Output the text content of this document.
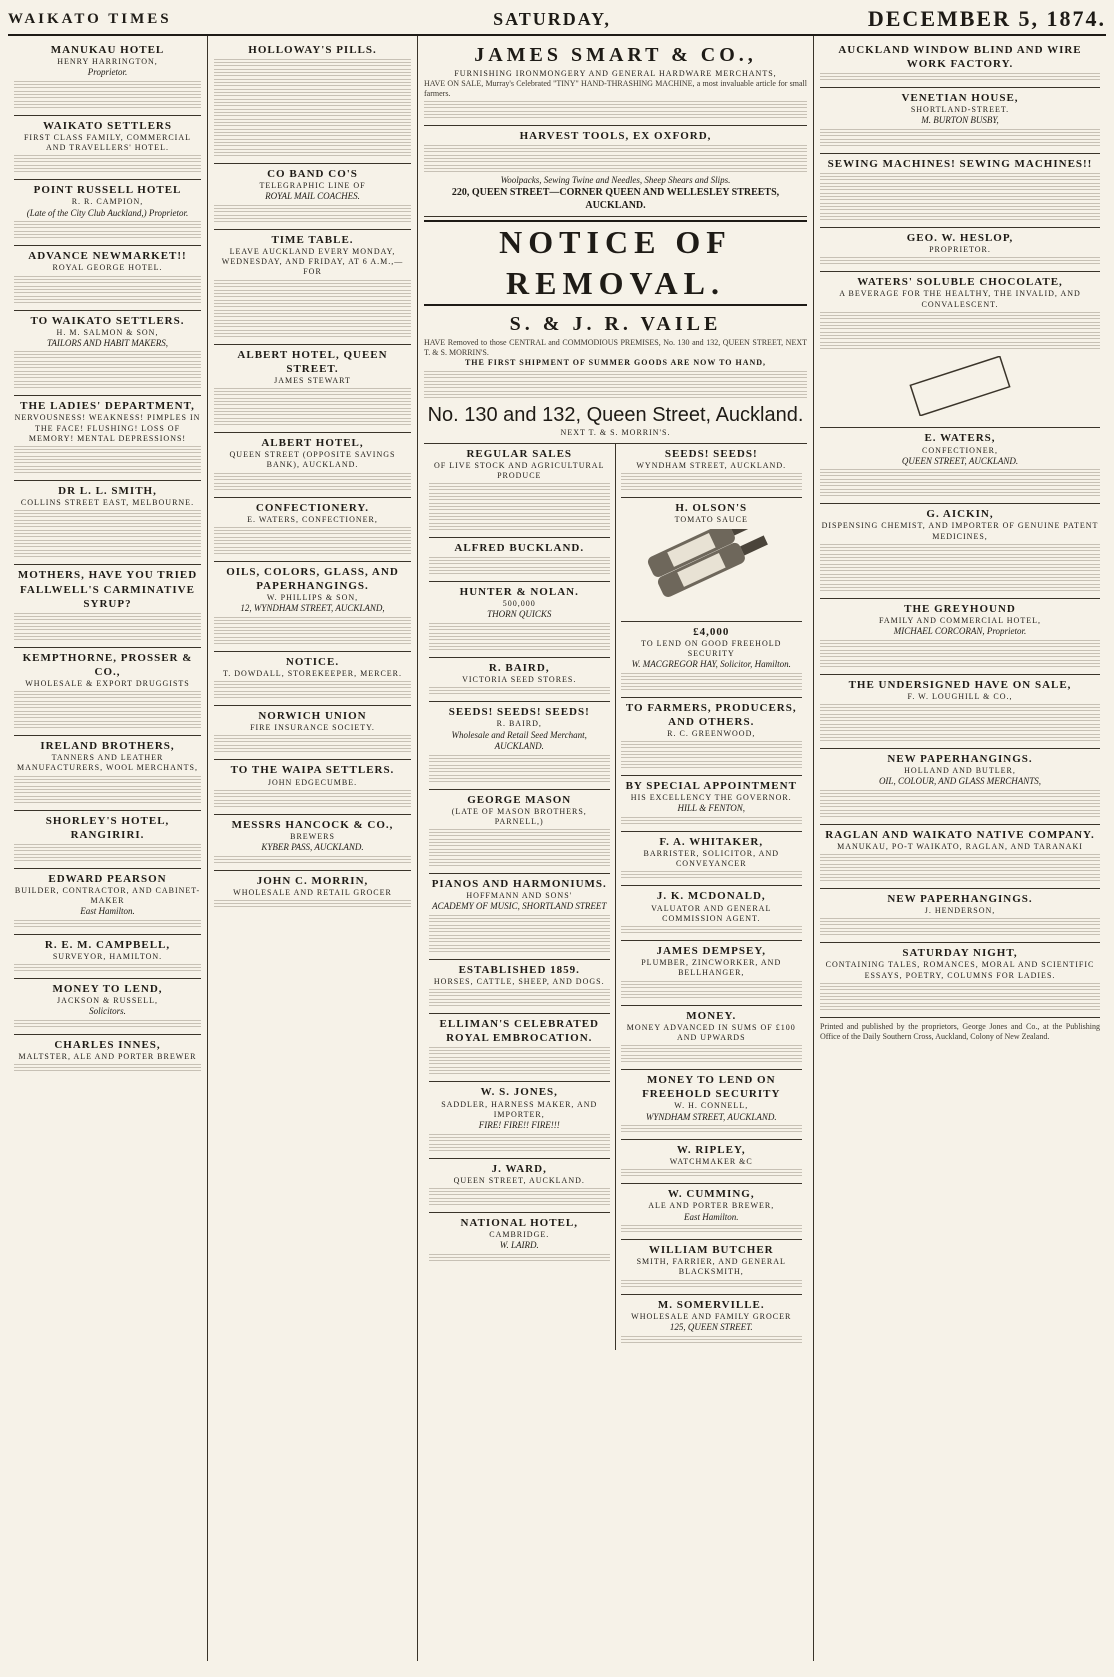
WAIKATO TIMES	SATURDAY,	DECEMBER 5, 1874.
MANUKAU HOTEL
HENRY HARRINGTON,
Proprietor.
WAIKATO SETTLERS
FIRST CLASS FAMILY, COMMERCIAL AND TRAVELLERS' HOTEL.
POINT RUSSELL HOTEL
R. R. CAMPION,
(Late of the City Club Auckland,) Proprietor.
ADVANCE NEWMARKET!!
ROYAL GEORGE HOTEL.
TO WAIKATO SETTLERS.
H. M. SALMON & SON,
TAILORS AND HABIT MAKERS,
THE LADIES' DEPARTMENT,
NERVOUSNESS! WEAKNESS! PIMPLES IN THE FACE! FLUSHING! LOSS OF MEMORY! MENTAL DEPRESSIONS!
DR L. L. SMITH,
COLLINS STREET EAST, MELBOURNE.
MOTHERS, HAVE YOU TRIED FALLWELL'S CARMINATIVE SYRUP?
KEMPTHORNE, PROSSER & CO.,
WHOLESALE & EXPORT DRUGGISTS
IRELAND BROTHERS,
TANNERS AND LEATHER MANUFACTURERS, WOOL MERCHANTS,
SHORLEY'S HOTEL, RANGIRIRI.
EDWARD PEARSON
BUILDER, CONTRACTOR, AND CABINET-MAKER
East Hamilton.
R. E. M. CAMPBELL,
SURVEYOR, HAMILTON.
MONEY TO LEND,
JACKSON & RUSSELL,
Solicitors.
CHARLES INNES,
MALTSTER, ALE AND PORTER BREWER
HOLLOWAY'S PILLS.
CO BAND CO'S
TELEGRAPHIC LINE OF
ROYAL MAIL COACHES.
TIME TABLE.
LEAVE AUCKLAND EVERY MONDAY, WEDNESDAY, AND FRIDAY, AT 6 A.M.,—FOR
ALBERT HOTEL, QUEEN STREET.
JAMES STEWART
ALBERT HOTEL,
QUEEN STREET (OPPOSITE SAVINGS BANK), AUCKLAND.
CONFECTIONERY.
E. WATERS, CONFECTIONER,
OILS, COLORS, GLASS, AND PAPERHANGINGS.
W. PHILLIPS & SON,
12, WYNDHAM STREET, AUCKLAND,
NOTICE.
T. DOWDALL, STOREKEEPER, MERCER.
NORWICH UNION
FIRE INSURANCE SOCIETY.
TO THE WAIPA SETTLERS.
JOHN EDGECUMBE.
MESSRS HANCOCK & CO.,
BREWERS
KYBER PASS, AUCKLAND.
JOHN C. MORRIN,
WHOLESALE AND RETAIL GROCER
JAMES SMART & CO.,
FURNISHING IRONMONGERY AND GENERAL HARDWARE MERCHANTS,
HAVE ON SALE, Murray's Celebrated "TINY" HAND-THRASHING MACHINE, a most invaluable article for small farmers.
HARVEST TOOLS, EX OXFORD,
Woolpacks, Sewing Twine and Needles, Sheep Shears and Slips.
220, QUEEN STREET—CORNER QUEEN AND WELLESLEY STREETS, AUCKLAND.
NOTICE OF REMOVAL.
S. & J. R. VAILE
HAVE Removed to those CENTRAL and COMMODIOUS PREMISES, No. 130 and 132, QUEEN STREET, NEXT T. & S. MORRIN'S.
THE FIRST SHIPMENT OF SUMMER GOODS ARE NOW TO HAND,
No. 130 and 132, Queen Street, Auckland.
NEXT T. & S. MORRIN'S.
REGULAR SALES
OF LIVE STOCK AND AGRICULTURAL PRODUCE
ALFRED BUCKLAND.
HUNTER & NOLAN.
500,000
THORN QUICKS
R. BAIRD,
VICTORIA SEED STORES.
SEEDS! SEEDS! SEEDS!
R. BAIRD,
Wholesale and Retail Seed Merchant, AUCKLAND.
GEORGE MASON
(LATE OF MASON BROTHERS, PARNELL,)
PIANOS AND HARMONIUMS.
HOFFMANN AND SONS'
ACADEMY OF MUSIC, SHORTLAND STREET
ESTABLISHED 1859.
HORSES, CATTLE, SHEEP, AND DOGS.
ELLIMAN'S CELEBRATED ROYAL EMBROCATION.
W. S. JONES,
SADDLER, HARNESS MAKER, AND IMPORTER,
FIRE! FIRE!! FIRE!!!
J. WARD,
QUEEN STREET, AUCKLAND.
NATIONAL HOTEL,
CAMBRIDGE.
W. LAIRD.
SEEDS! SEEDS!
WYNDHAM STREET, AUCKLAND.
H. OLSON'S
TOMATO SAUCE
£4,000
TO LEND ON GOOD FREEHOLD SECURITY
W. MACGREGOR HAY, Solicitor, Hamilton.
TO FARMERS, PRODUCERS, AND OTHERS.
R. C. GREENWOOD,
BY SPECIAL APPOINTMENT
HIS EXCELLENCY THE GOVERNOR.
HILL & FENTON,
F. A. WHITAKER,
BARRISTER, SOLICITOR, AND CONVEYANCER
J. K. MCDONALD,
VALUATOR AND GENERAL COMMISSION AGENT.
JAMES DEMPSEY,
PLUMBER, ZINCWORKER, AND BELLHANGER,
MONEY.
MONEY ADVANCED IN SUMS OF £100 AND UPWARDS
MONEY TO LEND ON FREEHOLD SECURITY
W. H. CONNELL,
WYNDHAM STREET, AUCKLAND.
W. RIPLEY,
WATCHMAKER &C
W. CUMMING,
ALE AND PORTER BREWER,
East Hamilton.
WILLIAM BUTCHER
SMITH, FARRIER, AND GENERAL BLACKSMITH,
M. SOMERVILLE.
WHOLESALE AND FAMILY GROCER
125, QUEEN STREET.
AUCKLAND WINDOW BLIND AND WIRE WORK FACTORY.
VENETIAN HOUSE,
SHORTLAND-STREET.
M. BURTON BUSBY,
SEWING MACHINES! SEWING MACHINES!!
GEO. W. HESLOP,
PROPRIETOR.
WATERS' SOLUBLE CHOCOLATE,
A BEVERAGE FOR THE HEALTHY, THE INVALID, AND CONVALESCENT.
E. WATERS,
CONFECTIONER,
QUEEN STREET, AUCKLAND.
G. AICKIN,
DISPENSING CHEMIST, AND IMPORTER OF GENUINE PATENT MEDICINES,
THE GREYHOUND
FAMILY AND COMMERCIAL HOTEL,
MICHAEL CORCORAN, Proprietor.
THE UNDERSIGNED HAVE ON SALE,
F. W. LOUGHILL & CO.,
NEW PAPERHANGINGS.
HOLLAND AND BUTLER,
OIL, COLOUR, AND GLASS MERCHANTS,
RAGLAN AND WAIKATO NATIVE COMPANY.
MANUKAU, PO-T WAIKATO, RAGLAN, AND TARANAKI
NEW PAPERHANGINGS.
J. HENDERSON,
SATURDAY NIGHT,
CONTAINING TALES, ROMANCES, MORAL AND SCIENTIFIC ESSAYS, POETRY, COLUMNS FOR LADIES.
Printed and published by the proprietors, George Jones and Co., at the Publishing Office of the Daily Southern Cross, Auckland, Colony of New Zealand.
